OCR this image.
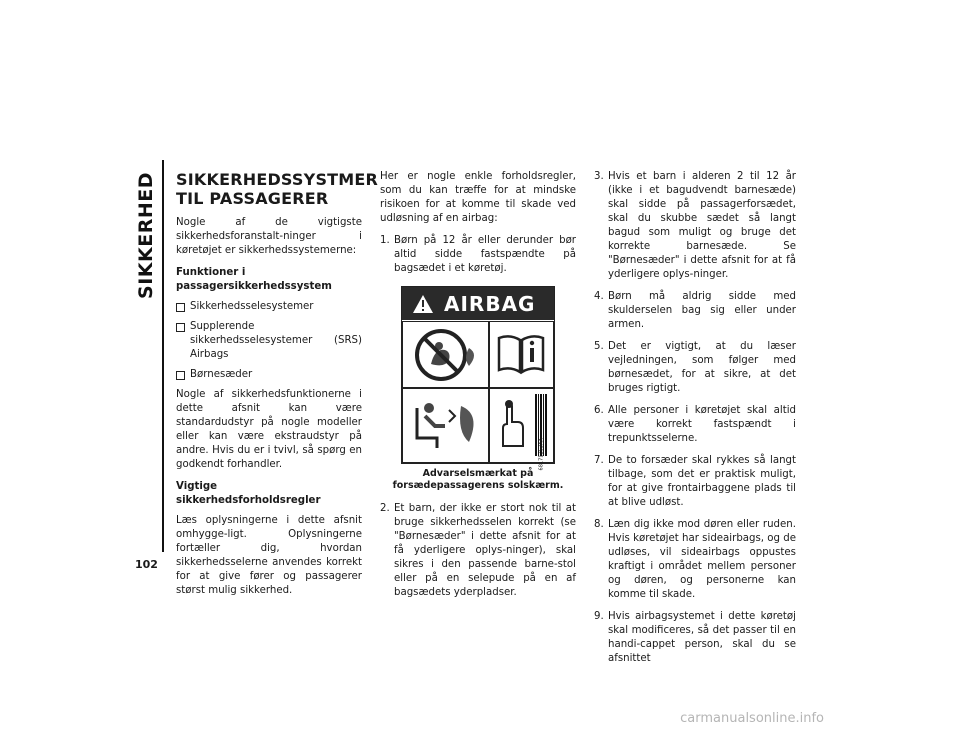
SIKKERHED
102
SIKKERHEDSSYSTMER TIL PASSAGERER

Nogle af de vigtigste sikkerhedsforanstalt-ninger i køretøjet er sikkerhedssystemerne:

Funktioner i passagersikkerhedssystem
Sikkerhedsselesystemer
Supplerende sikkerhedsselesystemer (SRS) Airbags
Børnesæder

Nogle af sikkerhedsfunktionerne i dette afsnit kan være standardudstyr på nogle modeller eller kan være ekstraudstyr på andre. Hvis du er i tvivl, så spørg en godkendt forhandler.

Vigtige sikkerhedsforholdsregler

Læs oplysningerne i dette afsnit omhygge-ligt. Oplysningerne fortæller dig, hvordan sikkerhedsselerne anvendes korrekt for at give fører og passagerer størst mulig sikkerhed.

Her er nogle enkle forholdsregler, som du kan træffe for at mindske risikoen for at komme til skade ved udløsning af en airbag:

1. Børn på 12 år eller derunder bør altid sidde fastspændte på bagsædet i et køretøj.
AIRBAG
68171263AA
Advarselsmærkat på forsædepassagerens solskærm.
2. Et barn, der ikke er stort nok til at bruge sikkerhedsselen korrekt (se "Børnesæder" i dette afsnit for at få yderligere oplys-ninger), skal sikres i den passende barne-stol eller på en selepude på en af bagsædets yderpladser.
3. Hvis et barn i alderen 2 til 12 år (ikke i et bagudvendt barnesæde) skal sidde på passagerforsædet, skal du skubbe sædet så langt bagud som muligt og bruge det korrekte barnesæde. Se "Børnesæder" i dette afsnit for at få yderligere oplys-ninger.
4. Børn må aldrig sidde med skulderselen bag sig eller under armen.
5. Det er vigtigt, at du læser vejledningen, som følger med børnesædet, for at sikre, at det bruges rigtigt.
6. Alle personer i køretøjet skal altid være korrekt fastspændt i trepunktsselerne.
7. De to forsæder skal rykkes så langt tilbage, som det er praktisk muligt, for at give frontairbaggene plads til at blive udløst.
8. Læn dig ikke mod døren eller ruden. Hvis køretøjet har sideairbags, og de udløses, vil sideairbags oppustes kraftigt i området mellem personer og døren, og personerne kan komme til skade.
9. Hvis airbagsystemet i dette køretøj skal modificeres, så det passer til en handi-cappet person, skal du se afsnittet
carmanualsonline.info
